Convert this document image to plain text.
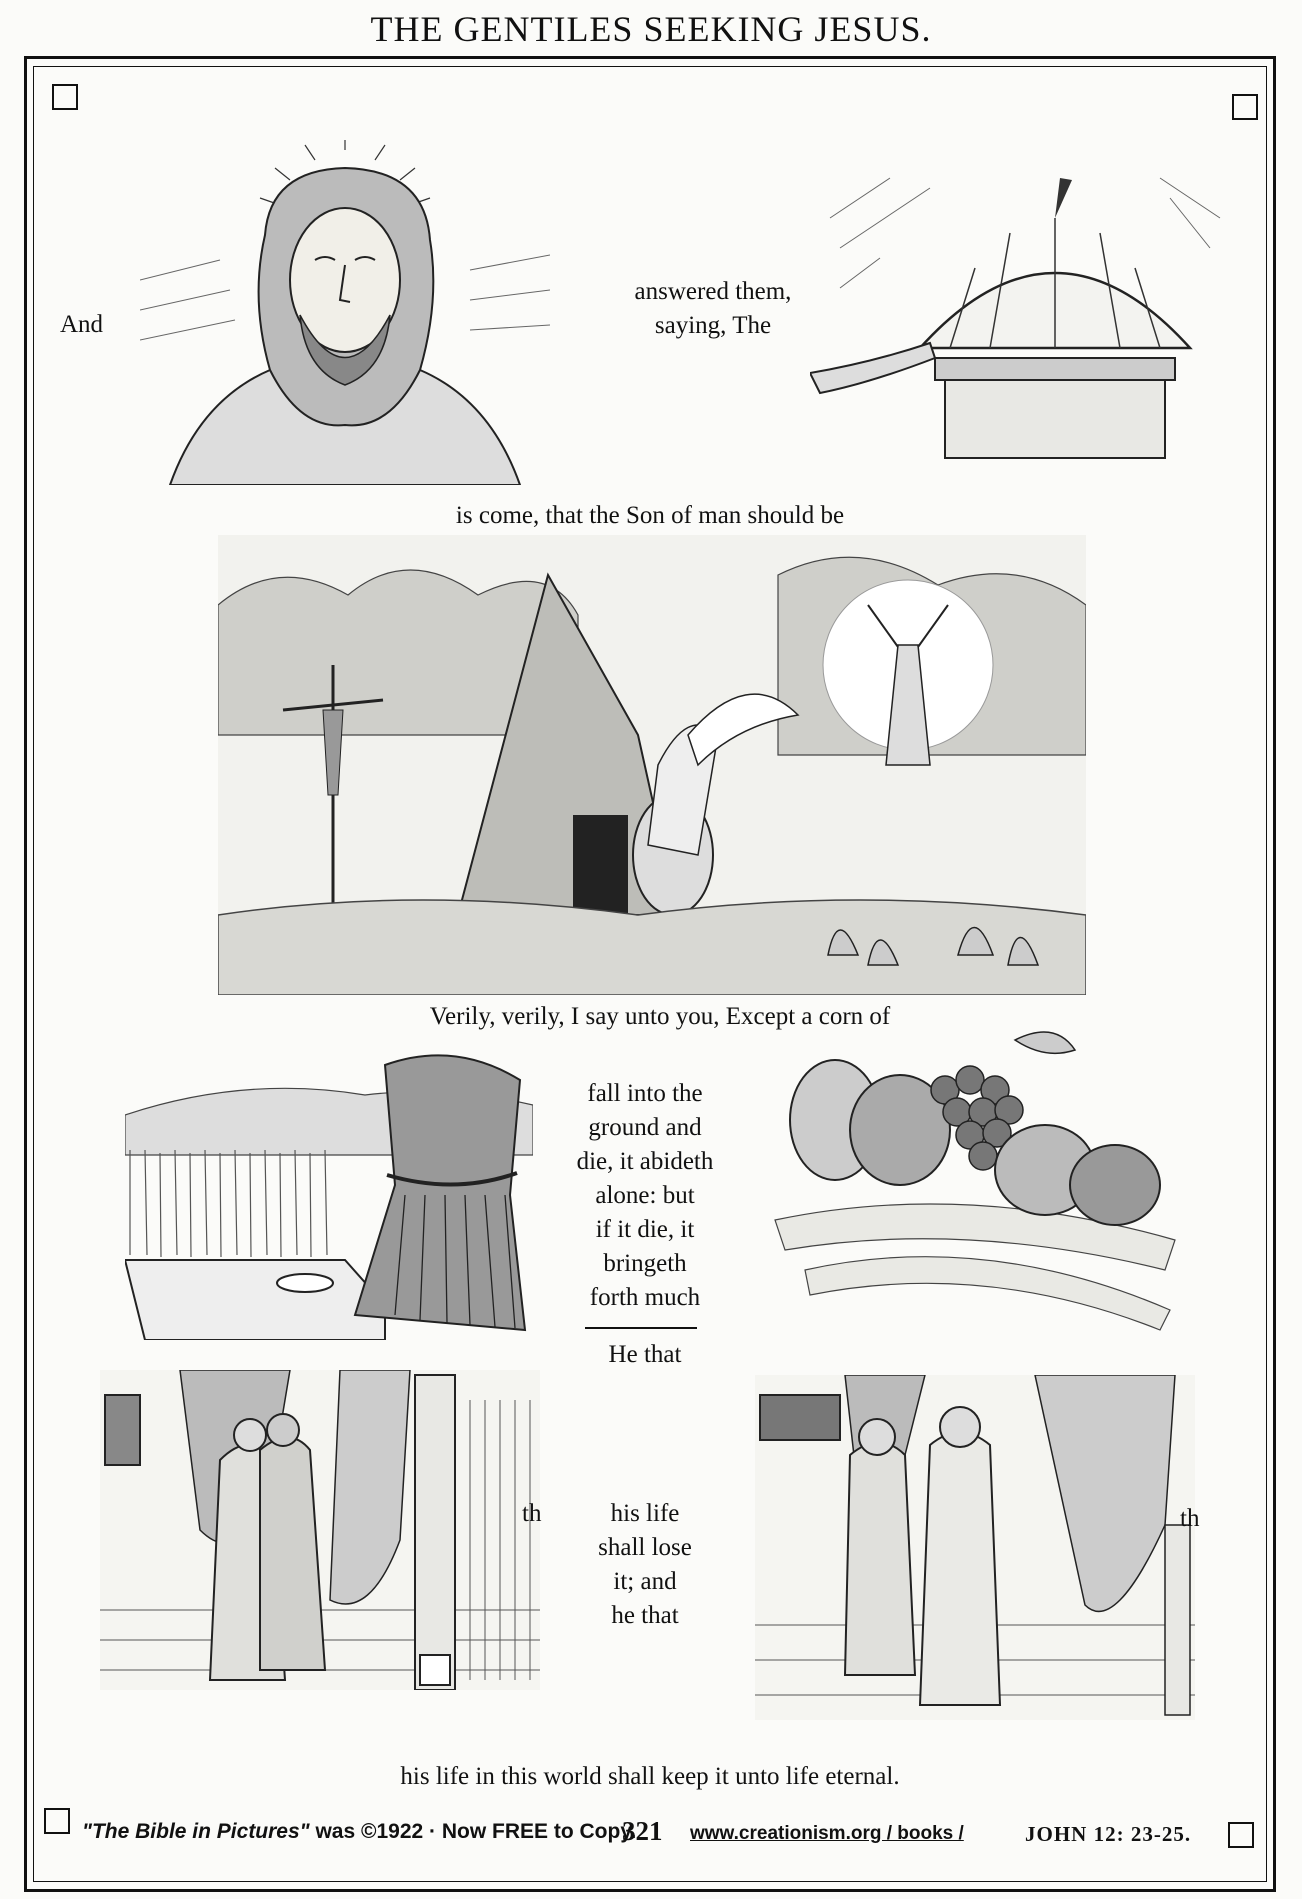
THE GENTILES SEEKING JESUS.
And
answered them,
saying, The
is come, that the Son of man should be
Verily, verily, I say unto you, Except a corn of
fall into the
ground and
die, it abideth
alone: but
if it die, it
bringeth
forth much
He that
th	his life
shall lose
it; and
he that
th
his life in this world shall keep it unto life eternal.
"The Bible in Pictures" was ©1922 · Now FREE to Copy.
321 www.creationism.org / books /	JOHN 12: 23-25.
